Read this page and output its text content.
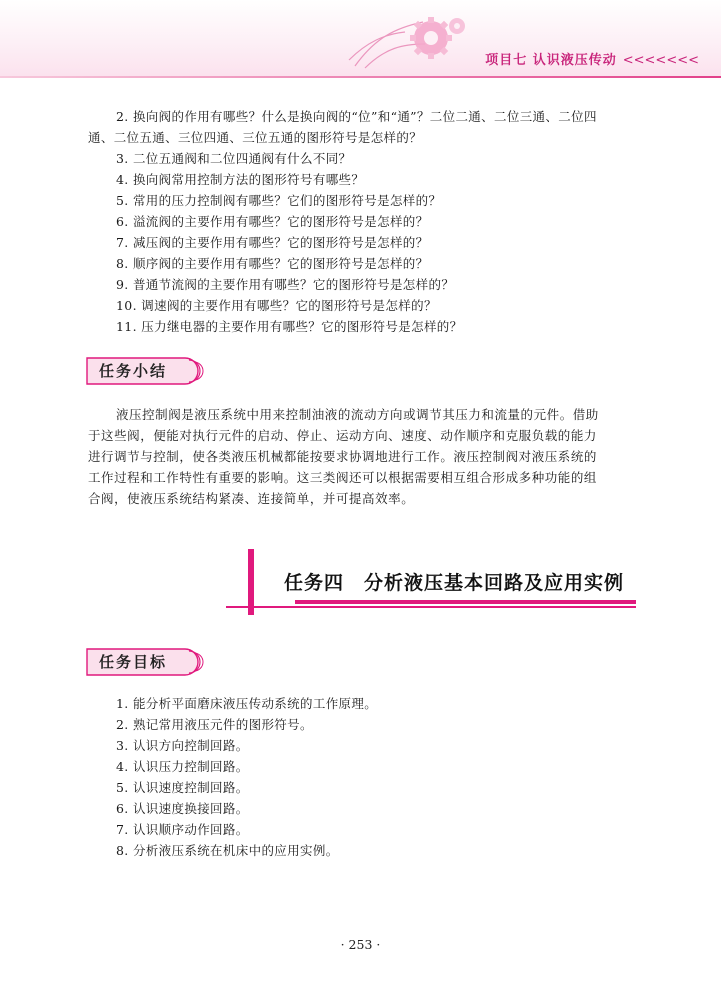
项目七 认识液压传动 <<<<<<<
2. 换向阀的作用有哪些？什么是换向阀的“位”和“通”？二位二通、二位三通、二位四
通、二位五通、三位四通、三位五通的图形符号是怎样的？
3. 二位五通阀和二位四通阀有什么不同？
4. 换向阀常用控制方法的图形符号有哪些？
5. 常用的压力控制阀有哪些？它们的图形符号是怎样的？
6. 溢流阀的主要作用有哪些？它的图形符号是怎样的？
7. 减压阀的主要作用有哪些？它的图形符号是怎样的？
8. 顺序阀的主要作用有哪些？它的图形符号是怎样的？
9. 普通节流阀的主要作用有哪些？它的图形符号是怎样的？
10. 调速阀的主要作用有哪些？它的图形符号是怎样的？
11. 压力继电器的主要作用有哪些？它的图形符号是怎样的？
任务小结
液压控制阀是液压系统中用来控制油液的流动方向或调节其压力和流量的元件。借助
于这些阀，便能对执行元件的启动、停止、运动方向、速度、动作顺序和克服负载的能力
进行调节与控制，使各类液压机械都能按要求协调地进行工作。液压控制阀对液压系统的
工作过程和工作特性有重要的影响。这三类阀还可以根据需要相互组合形成多种功能的组
合阀，使液压系统结构紧凑、连接简单，并可提高效率。
任务四 分析液压基本回路及应用实例
任务目标
1. 能分析平面磨床液压传动系统的工作原理。
2. 熟记常用液压元件的图形符号。
3. 认识方向控制回路。
4. 认识压力控制回路。
5. 认识速度控制回路。
6. 认识速度换接回路。
7. 认识顺序动作回路。
8. 分析液压系统在机床中的应用实例。
· 253 ·
